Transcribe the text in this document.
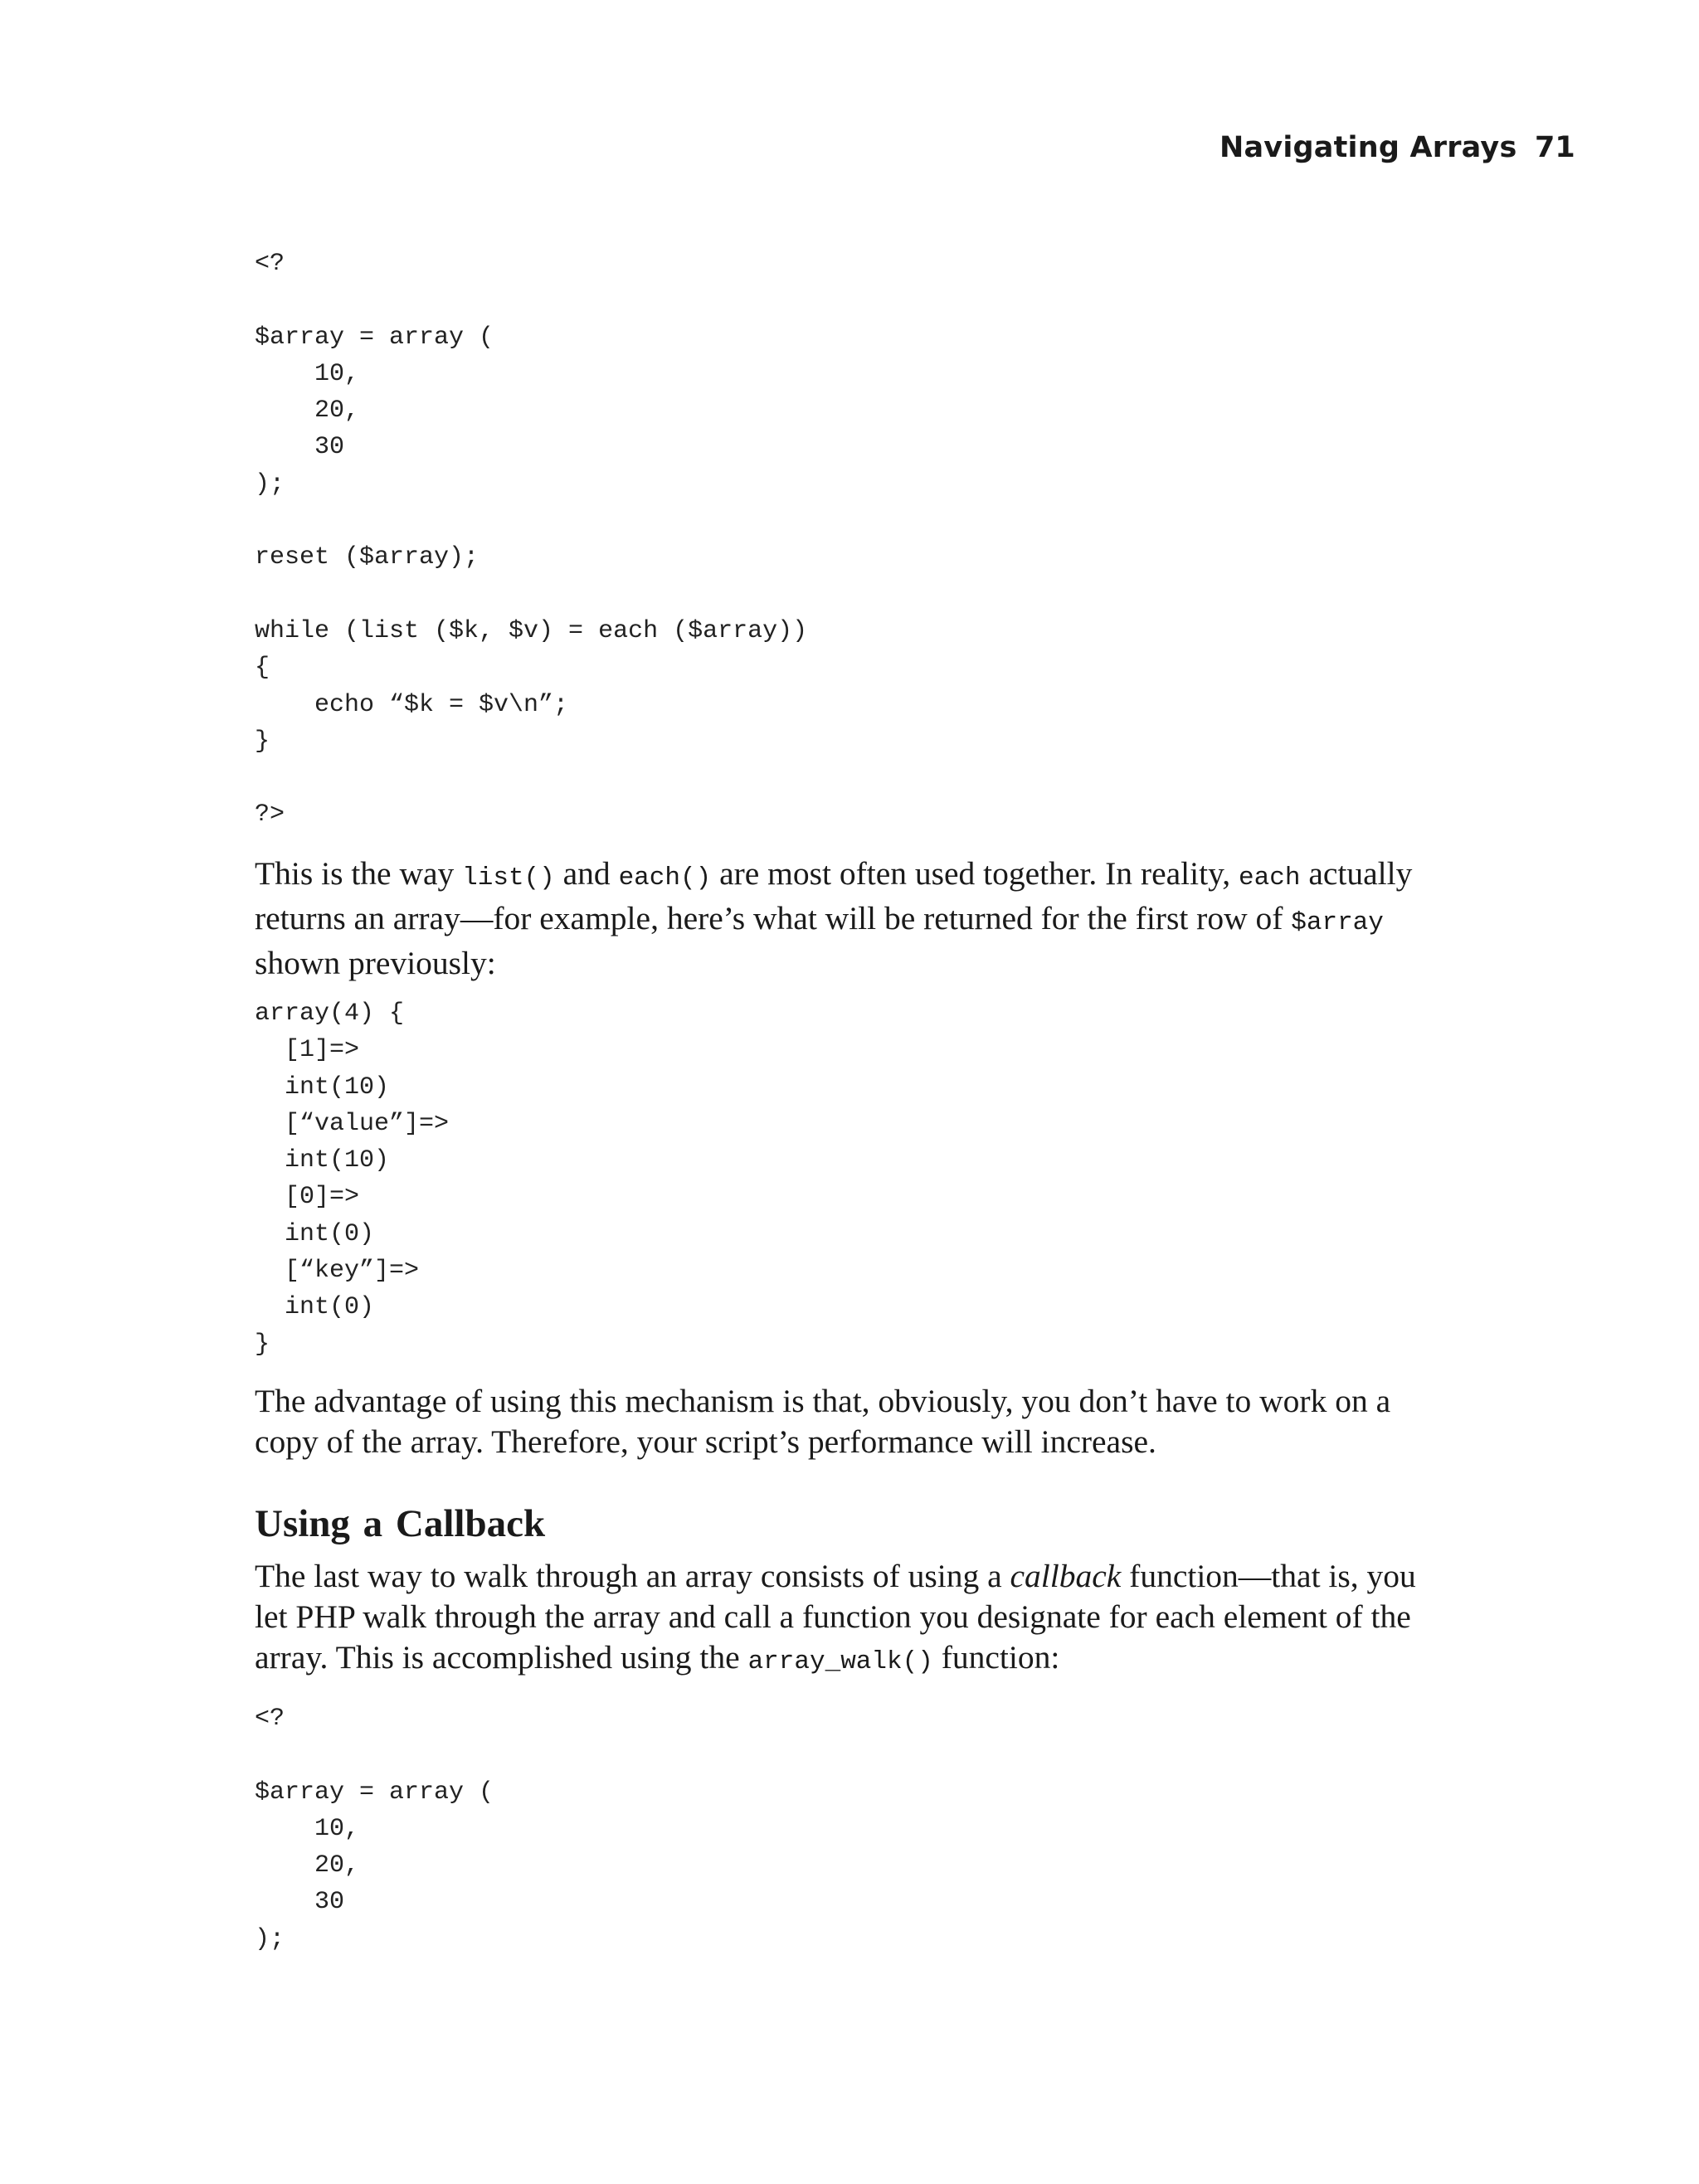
Navigating Arrays 71
<?

$array = array (
10,
20,
30
);

reset ($array);

while (list ($k, $v) = each ($array))
{
echo “$k = $v\n”;
}

?>

This is the way list() and each() are most often used together. In reality, each actually returns an array—for example, here’s what will be returned for the first row of $array shown previously:

array(4) {
[1]=>
int(10)
[“value”]=>
int(10)
[0]=>
int(0)
[“key”]=>
int(0)
}

The advantage of using this mechanism is that, obviously, you don’t have to work on a copy of the array. Therefore, your script’s performance will increase.

Using a Callback

The last way to walk through an array consists of using a callback function—that is, you let PHP walk through the array and call a function you designate for each element of the array. This is accomplished using the array_walk() function:

<?

$array = array (
10,
20,
30
);
